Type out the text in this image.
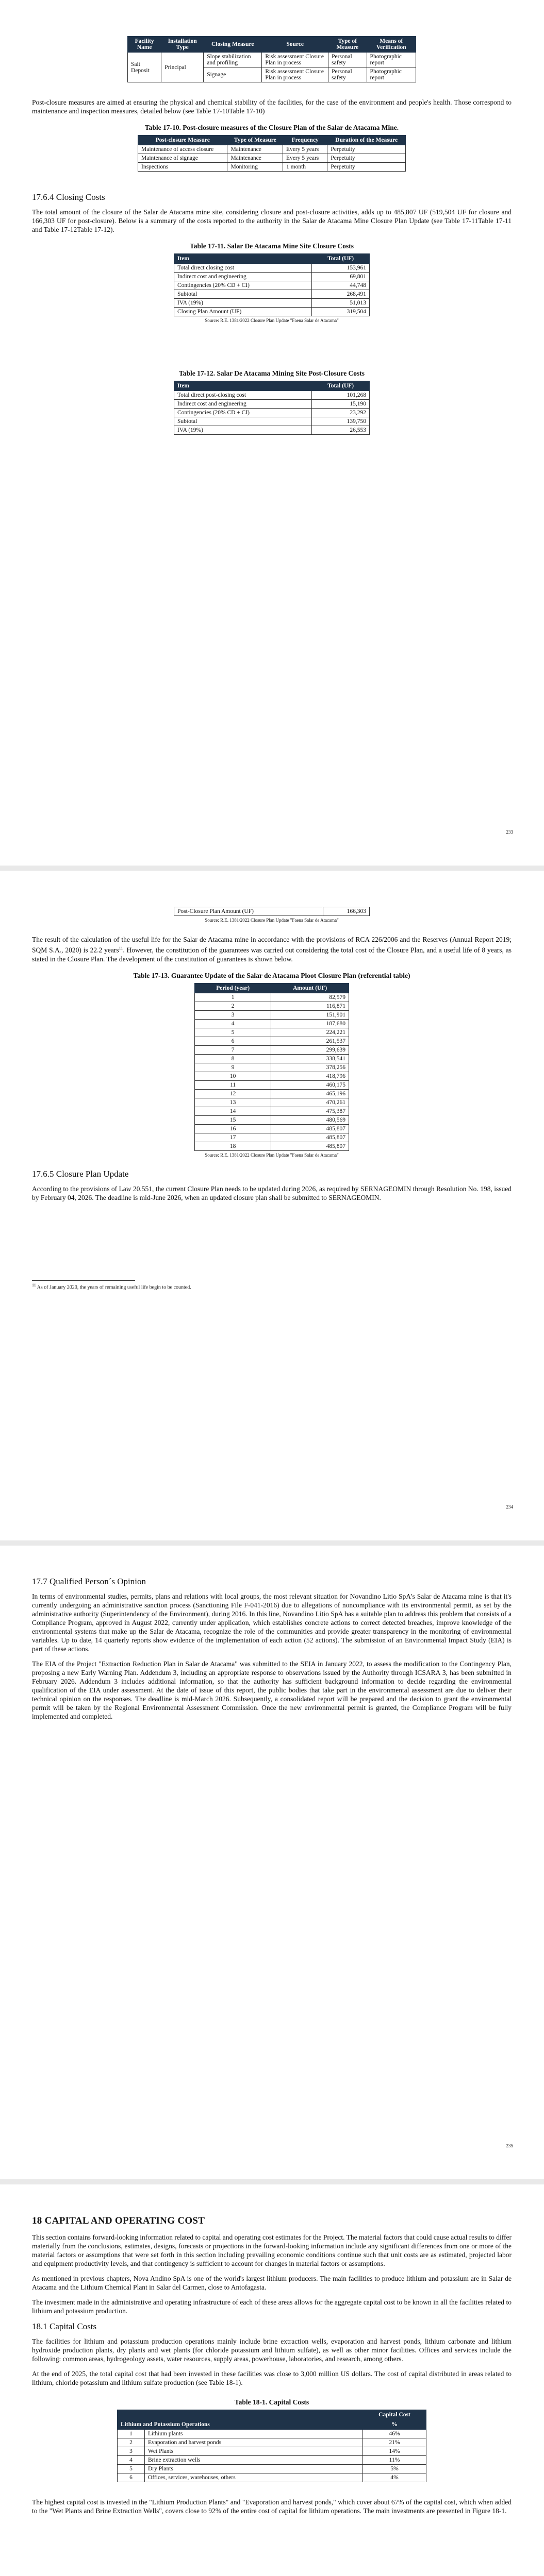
Facility Name	Installation Type	Closing Measure	Source	Type of Measure	Means of Verification
Salt Deposit	Principal	Slope stabilization and profiling	Risk assessment Closure Plan in process	Personal safety	Photographic report
		Signage	Risk assessment Closure Plan in process	Personal safety	Photographic report

Post-closure measures are aimed at ensuring the physical and chemical stability of the facilities, for the case of the environment and people's health. Those correspond to maintenance and inspection measures, detailed below (see Table 17-10Table 17-10)

Table 17-10. Post-closure measures of the Closure Plan of the Salar de Atacama Mine.
Post-closure Measure	Type of Measure	Frequency	Duration of the Measure
Maintenance of access closure	Maintenance	Every 5 years	Perpetuity
Maintenance of signage	Maintenance	Every 5 years	Perpetuity
Inspections	Monitoring	1 month	Perpetuity
17.6.4 Closing Costs

The total amount of the closure of the Salar de Atacama mine site, considering closure and post-closure activities, adds up to 485,807 UF (519,504 UF for closure and 166,303 UF for post-closure). Below is a summary of the costs reported to the authority in the Salar de Atacama Mine Closure Plan Update (see Table 17-11Table 17-11 and Table 17-12Table 17-12).

Table 17-11. Salar De Atacama Mine Site Closure Costs
Item	Total (UF)
Total direct closing cost	153,961
Indirect cost and engineering	69,801
Contingencies (20% CD + CI)	44,748
Subtotal	268,491
IVA (19%)	51,013
Closing Plan Amount (UF)	319,504
Source: R.E. 1381/2022 Closure Plan Update "Faena Salar de Atacama"
Table 17-12. Salar De Atacama Mining Site Post-Closure Costs
Item	Total (UF)
Total direct post-closing cost	101,268
Indirect cost and engineering	15,190
Contingencies (20% CD + CI)	23,292
Subtotal	139,750
IVA (19%)	26,553
233
Post-Closure Plan Amount (UF)	166,303
Source: R.E. 1381/2022 Closure Plan Update "Faena Salar de Atacama"

The result of the calculation of the useful life for the Salar de Atacama mine in accordance with the provisions of RCA 226/2006 and the Reserves (Annual Report 2019; SQM S.A., 2020) is 22.2 years$^{11}$. However, the constitution of the guarantees was carried out considering the total cost of the Closure Plan, and a useful life of 8 years, as stated in the Closure Plan. The development of the constitution of guarantees is shown below.

Table 17-13. Guarantee Update of the Salar de Atacama Ploot Closure Plan (referential table)
Period (year)	Amount (UF)
1	82,579
2	116,871
3	151,901
4	187,680
5	224,221
6	261,537
7	299,639
8	338,541
9	378,256
10	418,796
11	460,175
12	465,196
13	470,261
14	475,387
15	480,569
16	485,807
17	485,807
18	485,807
Source: R.E. 1381/2022 Closure Plan Update "Faena Salar de Atacama"
17.6.5 Closure Plan Update

According to the provisions of Law 20.551, the current Closure Plan needs to be updated during 2026, as required by SERNAGEOMIN through Resolution No. 198, issued by February 04, 2026. The deadline is mid-June 2026, when an updated closure plan shall be submitted to SERNAGEOMIN.

$^{11}$ As of January 2020, the years of remaining useful life begin to be counted.
234
17.7 Qualified Person´s Opinion

In terms of environmental studies, permits, plans and relations with local groups, the most relevant situation for Novandino Litio SpA's Salar de Atacama mine is that it's currently undergoing an administrative sanction process (Sanctioning File F-041-2016) due to allegations of noncompliance with its environmental permit, as set by the administrative authority (Superintendency of the Environment), during 2016. In this line, Novandino Litio SpA has a suitable plan to address this problem that consists of a Compliance Program, approved in August 2022, currently under application, which establishes concrete actions to correct detected breaches, improve knowledge of the environmental systems that make up the Salar de Atacama, recognize the role of the communities and provide greater transparency in the monitoring of environmental variables. Up to date, 14 quarterly reports show evidence of the implementation of each action (52 actions). The submission of an Environmental Impact Study (EIA) is part of these actions.

The EIA of the Project "Extraction Reduction Plan in Salar de Atacama" was submitted to the SEIA in January 2022, to assess the modification to the Contingency Plan, proposing a new Early Warning Plan. Addendum 3, including an appropriate response to observations issued by the Authority through ICSARA 3, has been submitted in February 2026. Addendum 3 includes additional information, so that the authority has sufficient background information to decide regarding the environmental qualification of the EIA under assessment. At the date of issue of this report, the public bodies that take part in the environmental assessment are due to deliver their technical opinion on the responses. The deadline is mid-March 2026. Subsequently, a consolidated report will be prepared and the decision to grant the environmental permit will be taken by the Regional Environmental Assessment Commission. Once the new environmental permit is granted, the Compliance Program will be fully implemented and completed.

235
18 CAPITAL AND OPERATING COST

This section contains forward-looking information related to capital and operating cost estimates for the Project. The material factors that could cause actual results to differ materially from the conclusions, estimates, designs, forecasts or projections in the forward-looking information include any significant differences from one or more of the material factors or assumptions that were set forth in this section including prevailing economic conditions continue such that unit costs are as estimated, projected labor and equipment productivity levels, and that contingency is sufficient to account for changes in material factors or assumptions.

As mentioned in previous chapters, Nova Andino SpA is one of the world's largest lithium producers. The main facilities to produce lithium and potassium are in Salar de Atacama and the Lithium Chemical Plant in Salar del Carmen, close to Antofagasta.

The investment made in the administrative and operating infrastructure of each of these areas allows for the aggregate capital cost to be known in all the facilities related to lithium and potassium production.

18.1 Capital Costs

The facilities for lithium and potassium production operations mainly include brine extraction wells, evaporation and harvest ponds, lithium carbonate and lithium hydroxide production plants, dry plants and wet plants (for chloride potassium and lithium sulfate), as well as other minor facilities. Offices and services include the following: common areas, hydrogeology assets, water resources, supply areas, powerhouse, laboratories, and research, among others.

At the end of 2025, the total capital cost that had been invested in these facilities was close to 3,000 million US dollars. The cost of capital distributed in areas related to lithium, chloride potassium and lithium sulfate production (see Table 18-1).

Table 18-1. Capital Costs
Lithium and Potassium Operations		Capital Cost
		%
1	Lithium plants	46%
2	Evaporation and harvest ponds	21%
3	Wet Plants	14%
4	Brine extraction wells	11%
5	Dry Plants	5%
6	Offices, services, warehouses, others	4%

The highest capital cost is invested in the "Lithium Production Plants" and "Evaporation and harvest ponds," which cover about 67% of the capital cost, which when added to the "Wet Plants and Brine Extraction Wells", covers close to 92% of the entire cost of capital for lithium operations. The main investments are presented in Figure 18-1.
